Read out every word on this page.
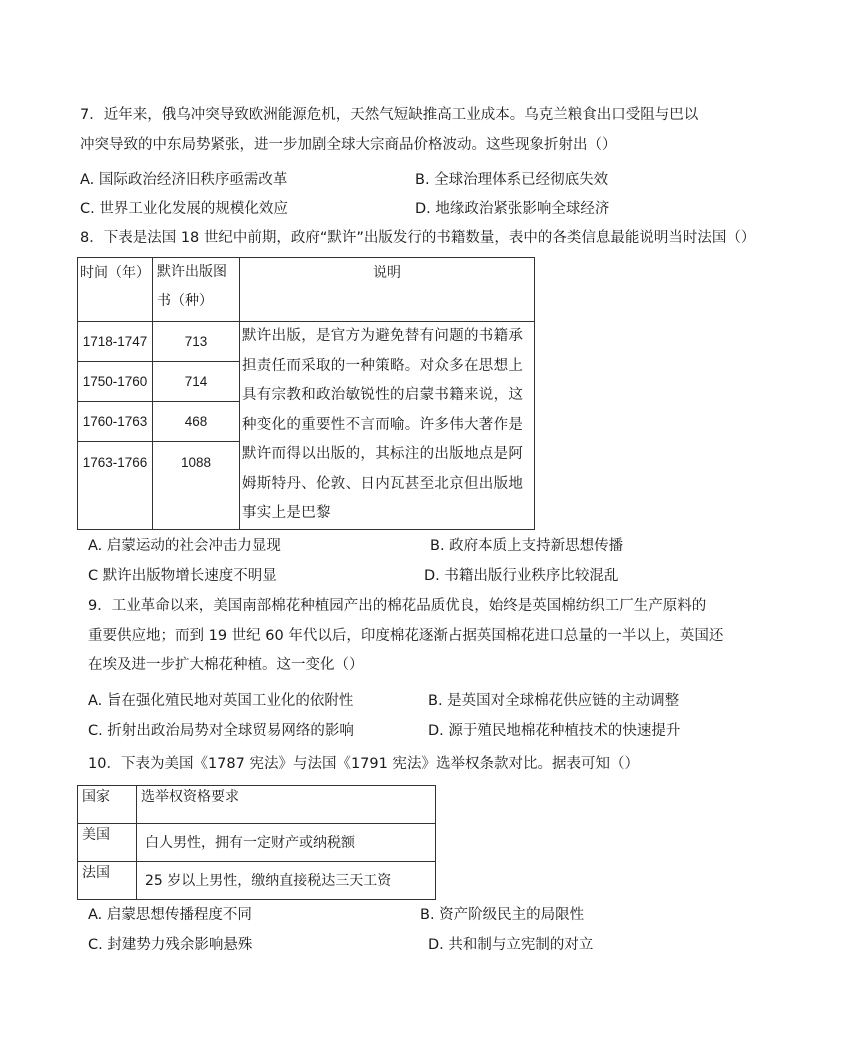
7．近年来，俄乌冲突导致欧洲能源危机，天然气短缺推高工业成本。乌克兰粮食出口受阻与巴以
冲突导致的中东局势紧张，进一步加剧全球大宗商品价格波动。这些现象折射出（）
A. 国际政治经济旧秩序亟需改革	B. 全球治理体系已经彻底失效
C. 世界工业化发展的规模化效应	D. 地缘政治紧张影响全球经济
8．下表是法国 18 世纪中前期，政府“默许”出版发行的书籍数量，表中的各类信息最能说明当时法国（）
时间（年）	默许出版图书（种）	说明
1718-1747	713	默许出版，是官方为避免替有问题的书籍承担责任而采取的一种策略。对众多在思想上具有宗教和政治敏锐性的启蒙书籍来说，这种变化的重要性不言而喻。许多伟大著作是默许而得以出版的，其标注的出版地点是阿姆斯特丹、伦敦、日内瓦甚至北京但出版地事实上是巴黎
1750-1760	714	
1760-1763	468	
1763-1766	1088	
A. 启蒙运动的社会冲击力显现	B. 政府本质上支持新思想传播
C 默许出版物增长速度不明显	D. 书籍出版行业秩序比较混乱
9．工业革命以来，美国南部棉花种植园产出的棉花品质优良，始终是英国棉纺织工厂生产原料的
重要供应地；而到 19 世纪 60 年代以后，印度棉花逐渐占据英国棉花进口总量的一半以上，英国还
在埃及进一步扩大棉花种植。这一变化（）
A. 旨在强化殖民地对英国工业化的依附性	B. 是英国对全球棉花供应链的主动调整
C. 折射出政治局势对全球贸易网络的影响	D. 源于殖民地棉花种植技术的快速提升
10．下表为美国《1787 宪法》与法国《1791 宪法》选举权条款对比。据表可知（）
国家	选举权资格要求
美国	白人男性，拥有一定财产或纳税额
法国	25 岁以上男性，缴纳直接税达三天工资
A. 启蒙思想传播程度不同	B. 资产阶级民主的局限性
C. 封建势力残余影响悬殊	D. 共和制与立宪制的对立
